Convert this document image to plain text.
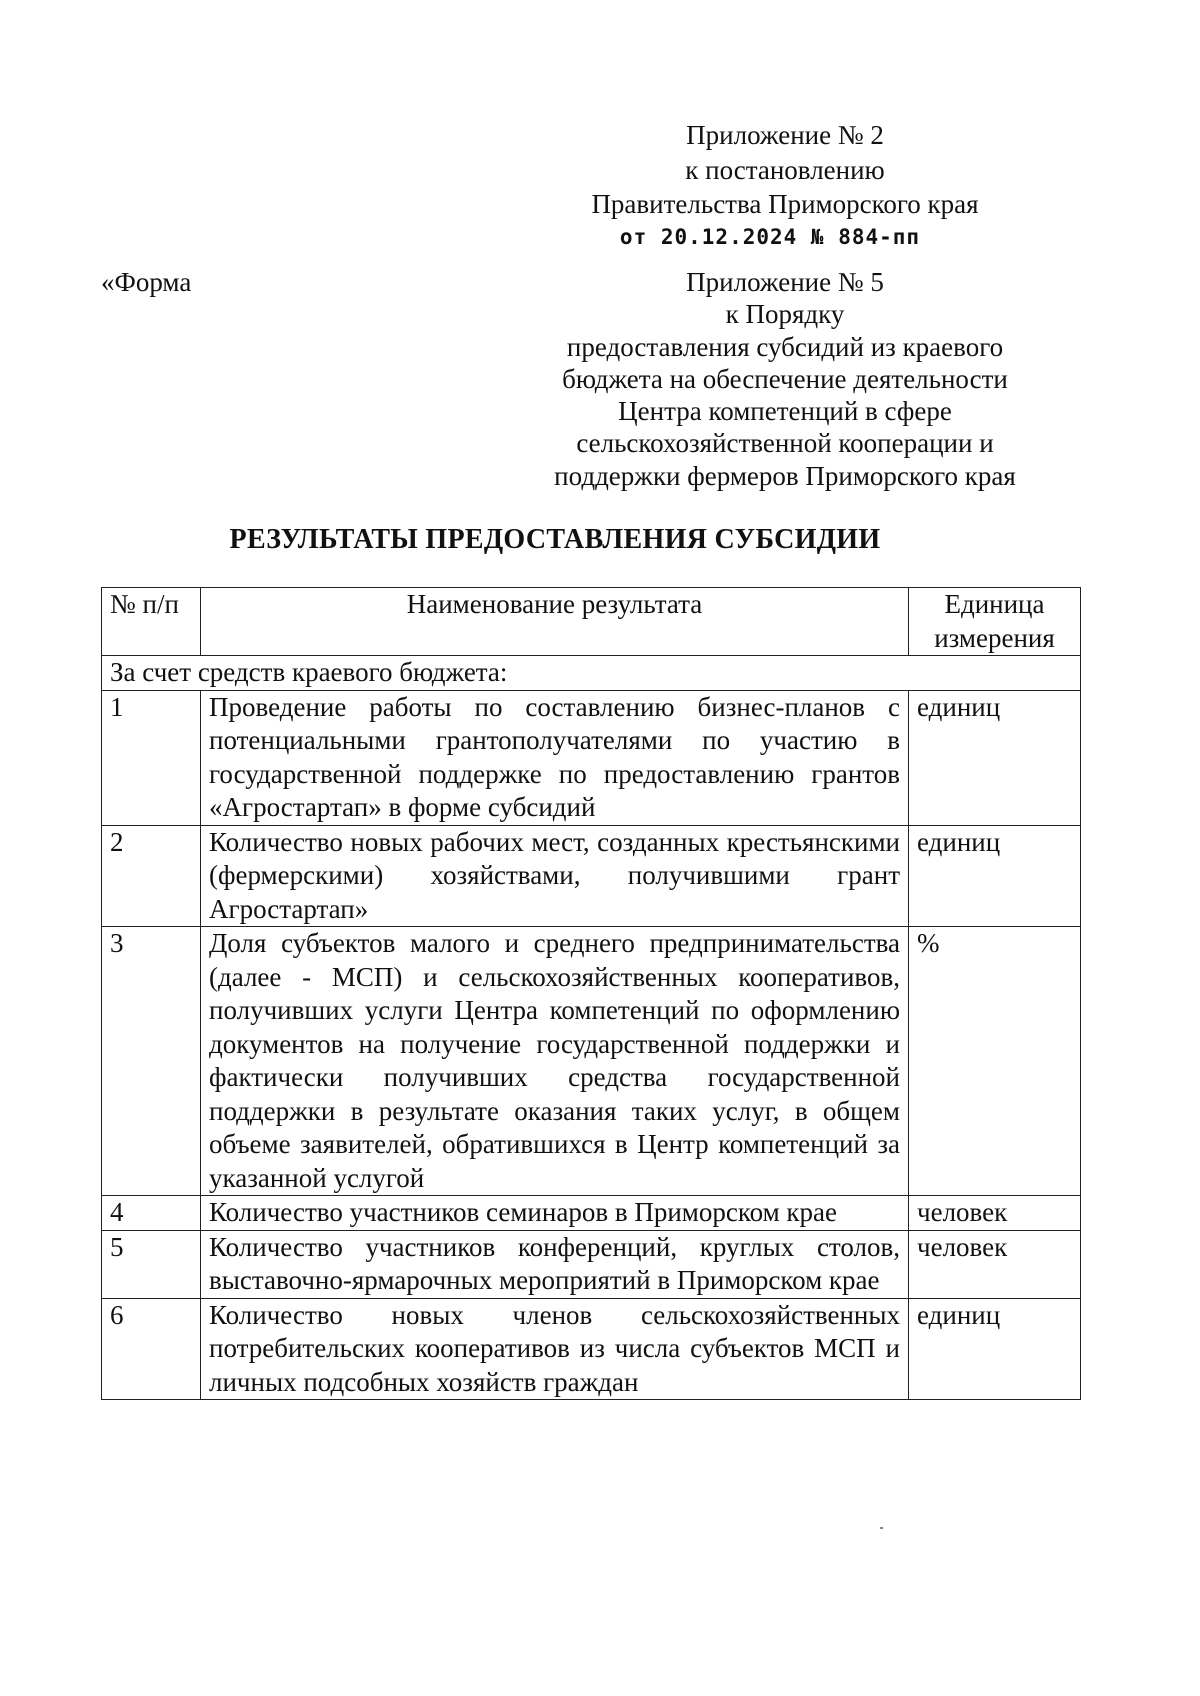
Приложение № 2
к постановлению
Правительства Приморского края
от 20.12.2024 № 884-пп
«Форма	Приложение № 5
к Порядку
предоставления субсидий из краевого
бюджета на обеспечение деятельности
Центра компетенций в сфере
сельскохозяйственной кооперации и
поддержки фермеров Приморского края
РЕЗУЛЬТАТЫ ПРЕДОСТАВЛЕНИЯ СУБСИДИИ
№ п/п	Наименование результата	Единица
измерения

За счет средств краевого бюджета:		
1	Проведение работы по составлению бизнес-планов с потенциальными грантополучателями по участию в государственной поддержке по предоставлению грантов «Агростартап» в форме субсидий	единиц
2	Количество новых рабочих мест, созданных крестьянскими (фермерскими) хозяйствами, получившими грант Агростартап»	единиц
3	Доля субъектов малого и среднего предпринимательства (далее - МСП) и сельскохозяйственных кооперативов, получивших услуги Центра компетенций по оформлению документов на получение государственной поддержки и фактически получивших средства государственной поддержки в результате оказания таких услуг, в общем объеме заявителей, обратившихся в Центр компетенций за указанной услугой	%
4	Количество участников семинаров в Приморском крае	человек
5	Количество участников конференций, круглых столов, выставочно-ярмарочных мероприятий в Приморском крае	человек
6	Количество новых членов сельскохозяйственных потребительских кооперативов из числа субъектов МСП и личных подсобных хозяйств граждан	единиц
